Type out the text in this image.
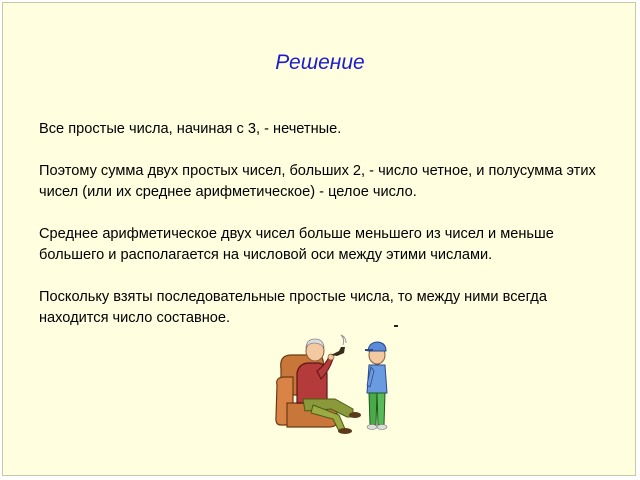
Решение

Все простые числа, начиная с 3, - нечетные.

Поэтому сумма двух простых чисел, больших 2, - число четное, и полусумма этих чисел (или их среднее арифметическое) - целое число.

Среднее арифметическое двух чисел больше меньшего из чисел и меньше большего и располагается на числовой оси между этими числами.

Поскольку взяты последовательные простые числа, то между ними всегда находится число составное.
